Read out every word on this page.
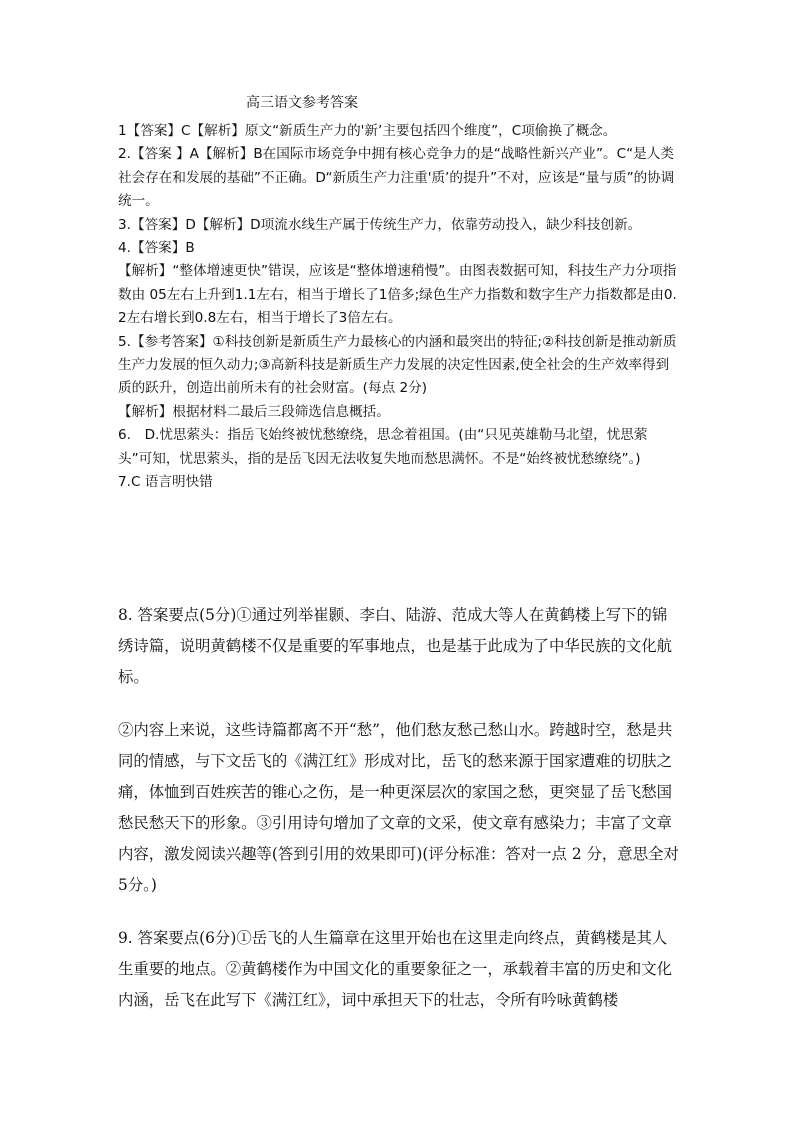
高三语文参考答案

1【答案】C【解析】原文“新质生产力的'新’主要包括四个维度”，C项偷换了概念。

2.【答案 】A【解析】B在国际市场竞争中拥有核心竞争力的是“战略性新兴产业”。C“是人类社会存在和发展的基础”不正确。D“新质生产力注重'质’的提升”不对，应该是“量与质”的协调统一。

3.【答案】D【解析】D项流水线生产属于传统生产力，依靠劳动投入，缺少科技创新。

4.【答案】B

【解析】“整体增速更快”错误，应该是“整体增速稍慢”。由图表数据可知，科技生产力分项指数由 05左右上升到1.1左右，相当于增长了1倍多;绿色生产力指数和数字生产力指数都是由0.2左右增长到0.8左右，相当于增长了3倍左右。

5.【参考答案】①科技创新是新质生产力最核心的内涵和最突出的特征;②科技创新是推动新质生产力发展的恒久动力;③高新科技是新质生产力发展的决定性因素,使全社会的生产效率得到质的跃升，创造出前所未有的社会财富。(每点 2分)

【解析】根据材料二最后三段筛选信息概括。

6.　D.忧思萦头：指岳飞始终被忧愁缭绕，思念着祖国。(由“只见英雄勒马北望，忧思萦头”可知，忧思萦头，指的是岳飞因无法收复失地而愁思满怀。不是“始终被忧愁缭绕”。)

7.C 语言明快错

8. 答案要点(5分)①通过列举崔颢、李白、陆游、范成大等人在黄鹤楼上写下的锦绣诗篇，说明黄鹤楼不仅是重要的军事地点，也是基于此成为了中华民族的文化航标。

②内容上来说，这些诗篇都离不开“愁”，他们愁友愁己愁山水。跨越时空，愁是共同的情感，与下文岳飞的《满江红》形成对比，岳飞的愁来源于国家遭难的切肤之痛，体恤到百姓疾苦的锥心之伤，是一种更深层次的家国之愁，更突显了岳飞愁国愁民愁天下的形象。③引用诗句增加了文章的文采，使文章有感染力；丰富了文章内容，激发阅读兴趣等(答到引用的效果即可)(评分标准：答对一点 2 分，意思全对5分。)

9. 答案要点(6分)①岳飞的人生篇章在这里开始也在这里走向终点，黄鹤楼是其人生重要的地点。②黄鹤楼作为中国文化的重要象征之一，承载着丰富的历史和文化内涵，岳飞在此写下《满江红》，词中承担天下的壮志，令所有吟咏黄鹤楼
